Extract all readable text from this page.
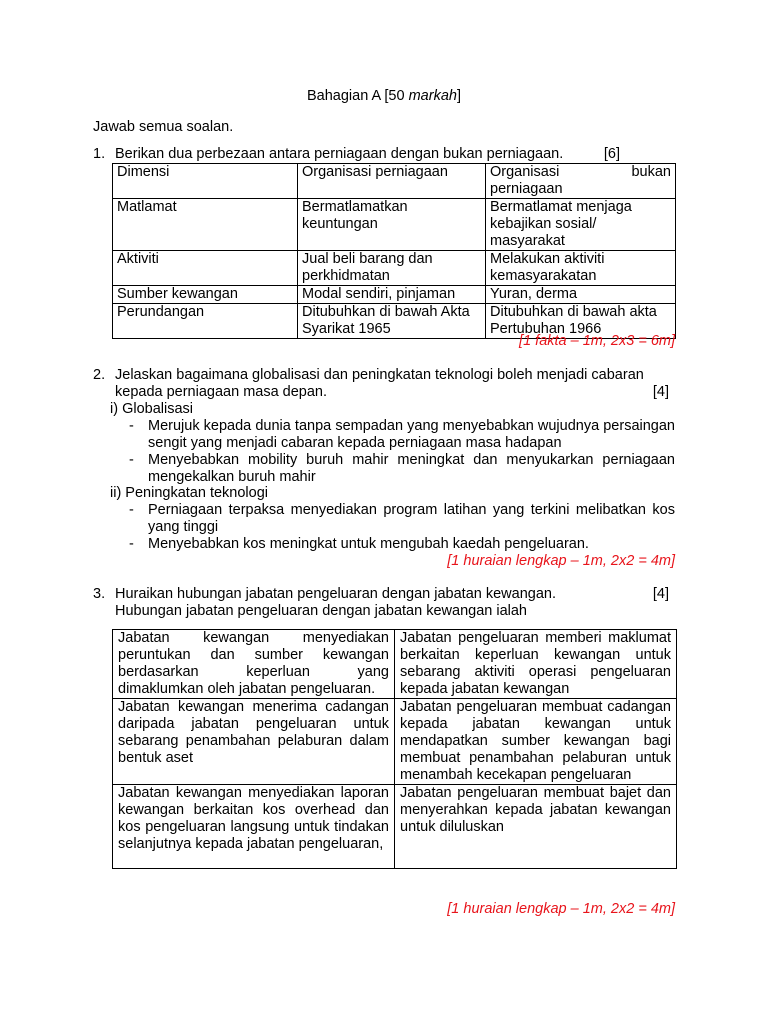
Bahagian A [50 markah]
Jawab semua soalan.
1. Berikan dua perbezaan antara perniagaan dengan bukan perniagaan.	[6]
Dimensi	Organisasi perniagaan	Organisasi bukan perniagaan
Matlamat	Bermatlamatkan keuntungan	Bermatlamat menjaga kebajikan sosial/ masyarakat
Aktiviti	Jual beli barang dan perkhidmatan	Melakukan aktiviti kemasyarakatan
Sumber kewangan	Modal sendiri, pinjaman	Yuran, derma
Perundangan	Ditubuhkan di bawah Akta Syarikat 1965	Ditubuhkan di bawah akta Pertubuhan 1966
[1 fakta – 1m, 2x3 = 6m]
2. Jelaskan bagaimana globalisasi dan peningkatan teknologi boleh menjadi cabaran
kepada perniagaan masa depan.	[4]
i) Globalisasi
- Merujuk kepada dunia tanpa sempadan yang menyebabkan wujudnya persaingan sengit yang menjadi cabaran kepada perniagaan masa hadapan
- Menyebabkan mobility buruh mahir meningkat dan menyukarkan perniagaan mengekalkan buruh mahir
ii) Peningkatan teknologi
- Perniagaan terpaksa menyediakan program latihan yang terkini melibatkan kos yang tinggi
- Menyebabkan kos meningkat untuk mengubah kaedah pengeluaran.
[1 huraian lengkap – 1m, 2x2 = 4m]
3. Huraikan hubungan jabatan pengeluaran dengan jabatan kewangan.	[4]
Hubungan jabatan pengeluaran dengan jabatan kewangan ialah
Jabatan kewangan menyediakan peruntukan dan sumber kewangan berdasarkan keperluan yang dimaklumkan oleh jabatan pengeluaran.	Jabatan pengeluaran memberi maklumat berkaitan keperluan kewangan untuk sebarang aktiviti operasi pengeluaran kepada jabatan kewangan
Jabatan kewangan menerima cadangan daripada jabatan pengeluaran untuk sebarang penambahan pelaburan dalam bentuk aset	Jabatan pengeluaran membuat cadangan kepada jabatan kewangan untuk mendapatkan sumber kewangan bagi membuat penambahan pelaburan untuk menambah kecekapan pengeluaran
Jabatan kewangan menyediakan laporan kewangan berkaitan kos overhead dan kos pengeluaran langsung untuk tindakan selanjutnya kepada jabatan pengeluaran,	Jabatan pengeluaran membuat bajet dan menyerahkan kepada jabatan kewangan untuk diluluskan
[1 huraian lengkap – 1m, 2x2 = 4m]
